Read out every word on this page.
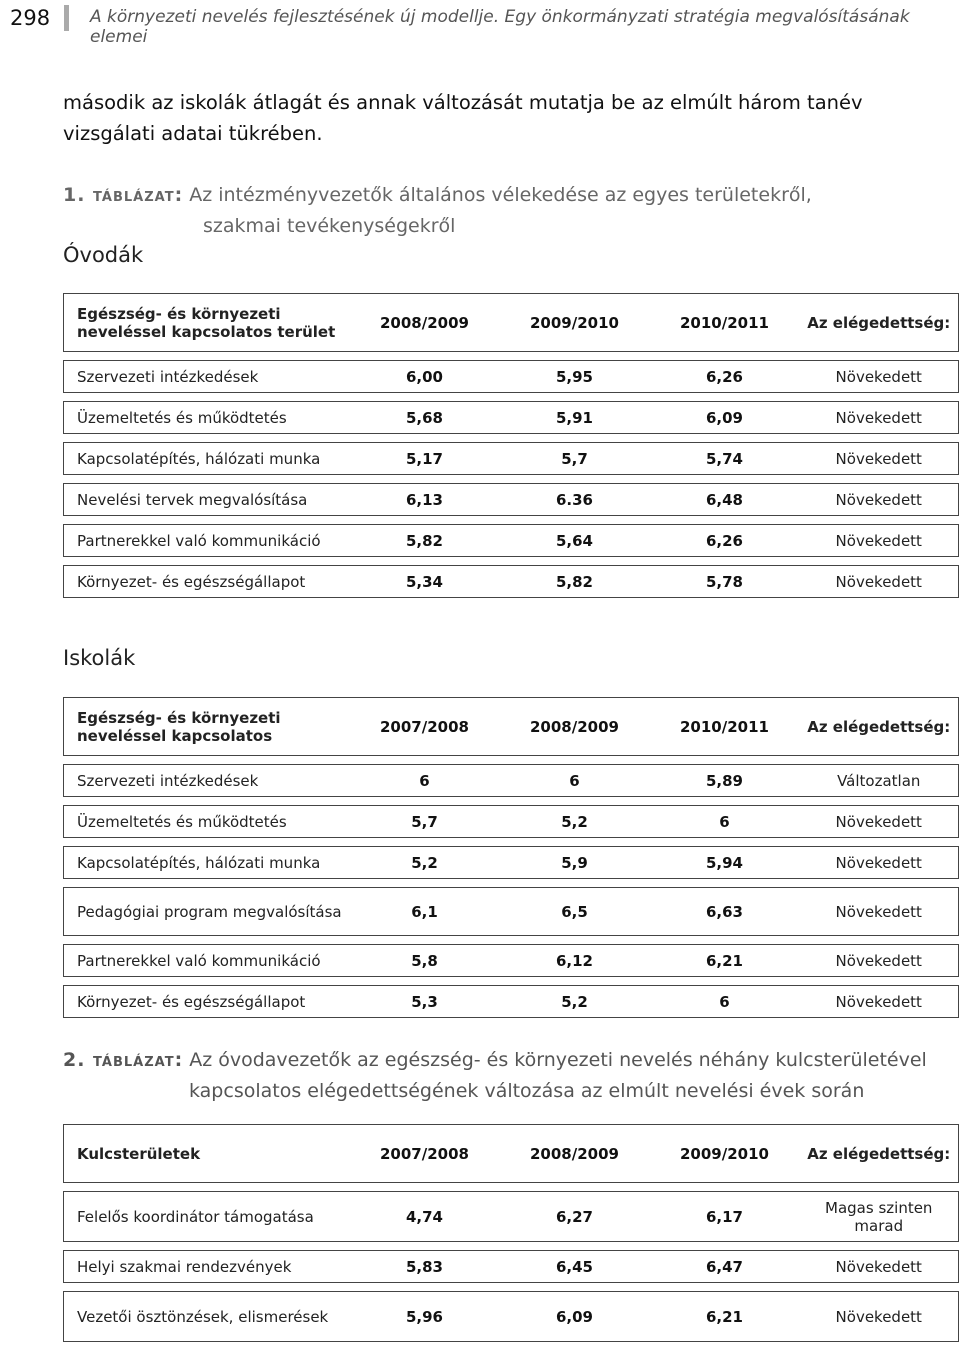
298 A környezeti nevelés fejlesztésének új modellje. Egy önkormányzati stratégia megvalósításának elemei
második az iskolák átlagát és annak változását mutatja be az elmúlt három tanév vizsgálati adatai tükrében.
1. táblázat: Az intézményvezetők általános vélekedése az egyes területekről,
szakmai tevékenységekről
Óvodák
Egészség- és környezeti neveléssel kapcsolatos terület	2008/2009	2009/2010	2010/2011	Az elégedettség:

Szervezeti intézkedések	6,00	5,95	6,26	Növekedett

Üzemeltetés és működtetés	5,68	5,91	6,09	Növekedett

Kapcsolatépítés, hálózati munka	5,17	5,7	5,74	Növekedett

Nevelési tervek megvalósítása	6,13	6.36	6,48	Növekedett

Partnerekkel való kommunikáció	5,82	5,64	6,26	Növekedett

Környezet- és egészségállapot	5,34	5,82	5,78	Növekedett
Iskolák
Egészség- és környezeti neveléssel kapcsolatos	2007/2008	2008/2009	2010/2011	Az elégedettség:

Szervezeti intézkedések	6	6	5,89	Változatlan

Üzemeltetés és működtetés	5,7	5,2	6	Növekedett

Kapcsolatépítés, hálózati munka	5,2	5,9	5,94	Növekedett

Pedagógiai program megvalósítása	6,1	6,5	6,63	Növekedett

Partnerekkel való kommunikáció	5,8	6,12	6,21	Növekedett

Környezet- és egészségállapot	5,3	5,2	6	Növekedett
2. táblázat: Az óvodavezetők az egészség- és környezeti nevelés néhány kulcsterületével
kapcsolatos elégedettségének változása az elmúlt nevelési évek során
Kulcsterületek	2007/2008	2008/2009	2009/2010	Az elégedettség:

Felelős koordinátor támogatása	4,74	6,27	6,17	Magas szinten marad

Helyi szakmai rendezvények	5,83	6,45	6,47	Növekedett

Vezetői ösztönzések, elismerések	5,96	6,09	6,21	Növekedett
